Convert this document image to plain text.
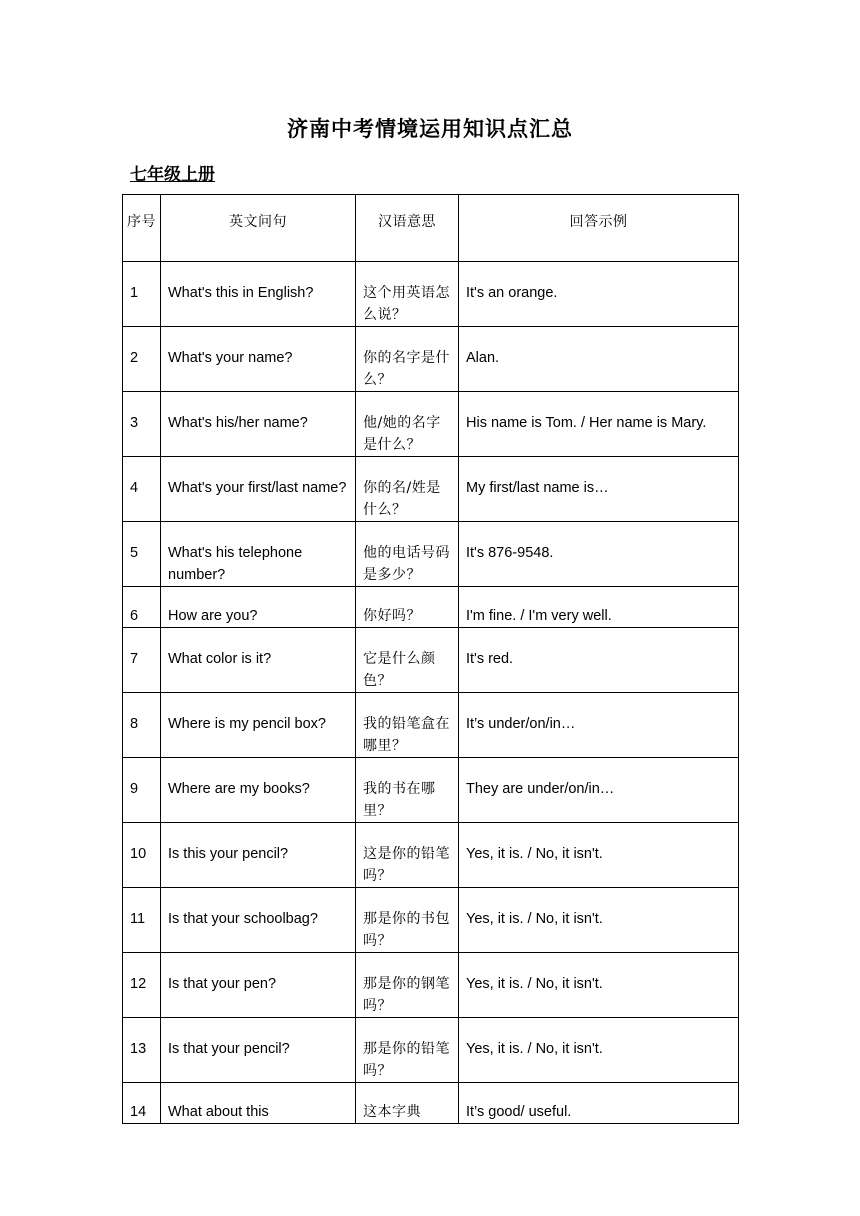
济南中考情境运用知识点汇总
七年级上册
序号	英文问句	汉语意思	回答示例
1	What's this in English?	这个用英语怎么说？	It's an orange.
2	What's your name?	你的名字是什么？	Alan.
3	What's his/her name?	他/她的名字是什么？	His name is Tom. / Her name is Mary.
4	What's your first/last name?	你的名/姓是什么？	My first/last name is…
5	What's his telephone number?	他的电话号码是多少？	It's 876-9548.
6	How are you?	你好吗？	I'm fine. / I'm very well.
7	What color is it?	它是什么颜色？	It's red.
8	Where is my pencil box?	我的铅笔盒在哪里？	It’s under/on/in…
9	Where are my books?	我的书在哪里？	They are under/on/in…
10	Is this your pencil?	这是你的铅笔吗？	Yes, it is. / No, it isn't.
11	Is that your schoolbag?	那是你的书包吗？	Yes, it is. / No, it isn't.
12	Is that your pen?	那是你的钢笔吗？	Yes, it is. / No, it isn't.
13	Is that your pencil?	那是你的铅笔吗？	Yes, it is. / No, it isn't.
14	What about this	这本字典	It’s good/ useful.
